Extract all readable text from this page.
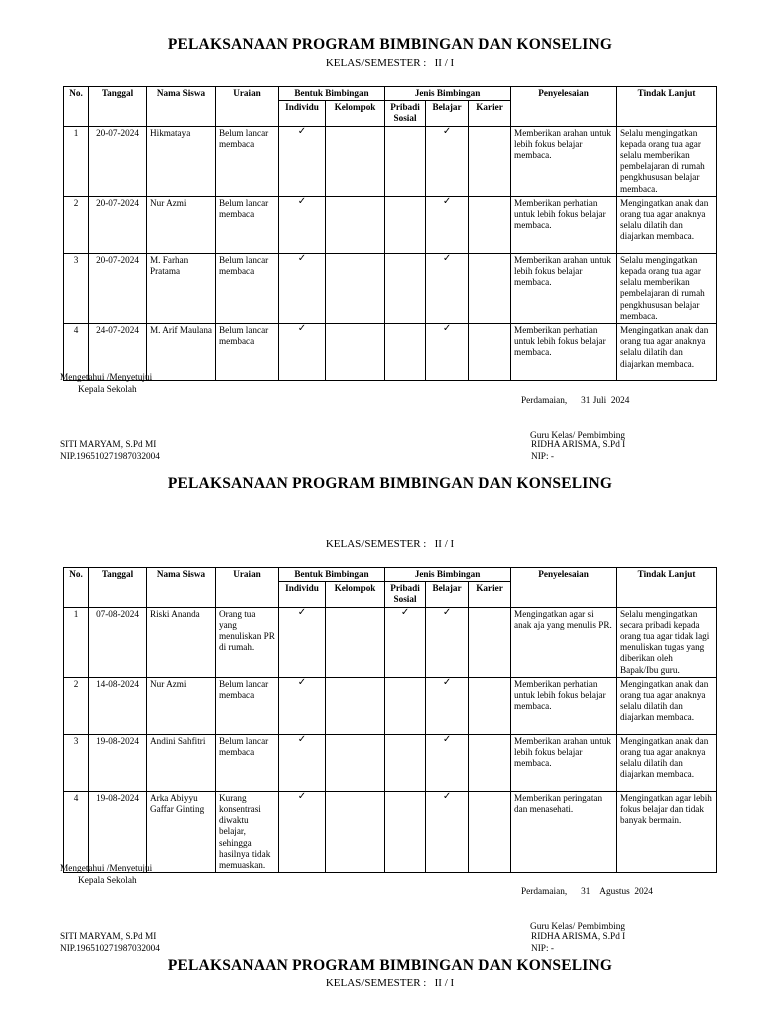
PELAKSANAAN PROGRAM BIMBINGAN DAN KONSELING
KELAS/SEMESTER : II / I
No.	Tanggal	Nama Siswa	Uraian	Bentuk Bimbingan		Jenis Bimbingan			Penyelesaian	Tindak Lanjut
				Individu	Kelompok	Pribadi Sosial	Belajar	Karier		
1	20-07-2024	Hikmataya	Belum lancar membaca	✓			✓		Memberikan arahan untuk lebih fokus belajar membaca.	Selalu mengingatkan kepada orang tua agar selalu memberikan pembelajaran di rumah pengkhususan belajar membaca.
2	20-07-2024	Nur Azmi	Belum lancar membaca	✓			✓		Memberikan perhatian untuk lebih fokus belajar membaca.	Mengingatkan anak dan orang tua agar anaknya selalu dilatih dan diajarkan membaca.
3	20-07-2024	M. Farhan Pratama	Belum lancar membaca	✓			✓		Memberikan arahan untuk lebih fokus belajar membaca.	Selalu mengingatkan kepada orang tua agar selalu memberikan pembelajaran di rumah pengkhususan belajar membaca.
4	24-07-2024	M. Arif Maulana	Belum lancar membaca	✓			✓		Memberikan perhatian untuk lebih fokus belajar membaca.	Mengingatkan anak dan orang tua agar anaknya selalu dilatih dan diajarkan membaca.
Mengetahui /Menyetujui
Kepala Sekolah
SITI MARYAM, S.Pd MI
NIP.196510271987032004

Perdamaian,      31 Juli  2024

Guru Kelas/ Pembimbing

RIDHA ARISMA, S.Pd I
NIP: -
PELAKSANAAN PROGRAM BIMBINGAN DAN KONSELING
KELAS/SEMESTER : II / I
No.	Tanggal	Nama Siswa	Uraian	Bentuk Bimbingan		Jenis Bimbingan			Penyelesaian	Tindak Lanjut
				Individu	Kelompok	Pribadi Sosial	Belajar	Karier		
1	07-08-2024	Riski Ananda	Orang tua yang menuliskan PR di rumah.	✓		✓	✓		Mengingatkan agar si anak aja yang menulis PR.	Selalu mengingatkan secara pribadi kepada orang tua agar tidak lagi menuliskan tugas yang diberikan oleh Bapak/Ibu guru.
2	14-08-2024	Nur Azmi	Belum lancar membaca	✓			✓		Memberikan perhatian untuk lebih fokus belajar membaca.	Mengingatkan anak dan orang tua agar anaknya selalu dilatih dan diajarkan membaca.
3	19-08-2024	Andini Sahfitri	Belum lancar membaca	✓			✓		Memberikan arahan untuk lebih fokus belajar membaca.	Mengingatkan anak dan orang tua agar anaknya selalu dilatih dan diajarkan membaca.
4	19-08-2024	Arka Abiyyu Gaffar Ginting	Kurang konsentrasi diwaktu belajar, sehingga hasilnya tidak memuaskan.	✓			✓		Memberikan peringatan dan menasehati.	Mengingatkan agar lebih fokus belajar dan tidak banyak bermain.
Mengetahui /Menyetujui
Kepala Sekolah
SITI MARYAM, S.Pd MI
NIP.196510271987032004

Perdamaian,      31    Agustus  2024

Guru Kelas/ Pembimbing

RIDHA ARISMA, S.Pd I
NIP: -
PELAKSANAAN PROGRAM BIMBINGAN DAN KONSELING
KELAS/SEMESTER : II / I
